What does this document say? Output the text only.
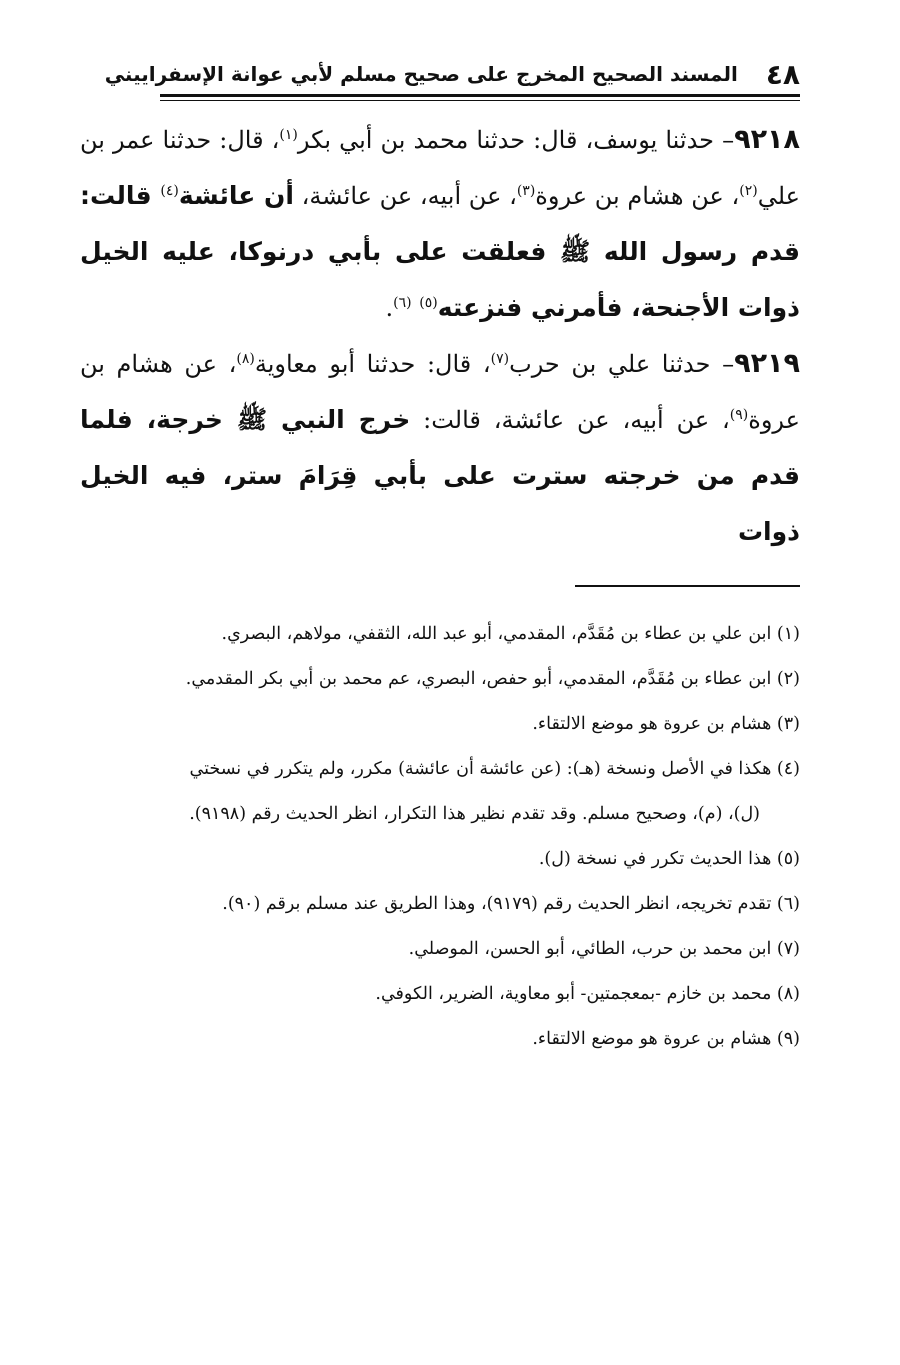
٤٨
المسند الصحيح المخرج على صحيح مسلم لأبي عوانة الإسفراييني

٩٢١٨– حدثنا يوسف، قال: حدثنا محمد بن أبي بكر$^{(١)}$، قال: حدثنا عمر بن علي$^{(٢)}$، عن هشام بن عروة$^{(٣)}$، عن أبيه، عن عائشة، أن عائشة$^{(٤)}$ قالت: قدم رسول الله ﷺ فعلقت على بأبي درنوكا، عليه الخيل ذوات الأجنحة، فأمرني فنزعته$^{(٥)}$ $^{(٦)}$.

٩٢١٩– حدثنا علي بن حرب$^{(٧)}$، قال: حدثنا أبو معاوية$^{(٨)}$، عن هشام بن عروة$^{(٩)}$، عن أبيه، عن عائشة، قالت: خرج النبي ﷺ خرجة، فلما قدم من خرجته سترت على بأبي قِرَامَ ستر، فيه الخيل ذوات

(١) ابن علي بن عطاء بن مُقَدَّم، المقدمي، أبو عبد الله، الثقفي، مولاهم، البصري.

(٢) ابن عطاء بن مُقَدَّم، المقدمي، أبو حفص، البصري، عم محمد بن أبي بكر المقدمي.

(٣) هشام بن عروة هو موضع الالتقاء.

(٤) هكذا في الأصل ونسخة (هـ): (عن عائشة أن عائشة) مكرر، ولم يتكرر في نسختي

(ل)، (م)، وصحيح مسلم. وقد تقدم نظير هذا التكرار، انظر الحديث رقم (٩١٩٨).

(٥) هذا الحديث تكرر في نسخة (ل).

(٦) تقدم تخريجه، انظر الحديث رقم (٩١٧٩)، وهذا الطريق عند مسلم برقم (٩٠).

(٧) ابن محمد بن حرب، الطائي، أبو الحسن، الموصلي.

(٨) محمد بن خازم -بمعجمتين- أبو معاوية، الضرير، الكوفي.

(٩) هشام بن عروة هو موضع الالتقاء.
